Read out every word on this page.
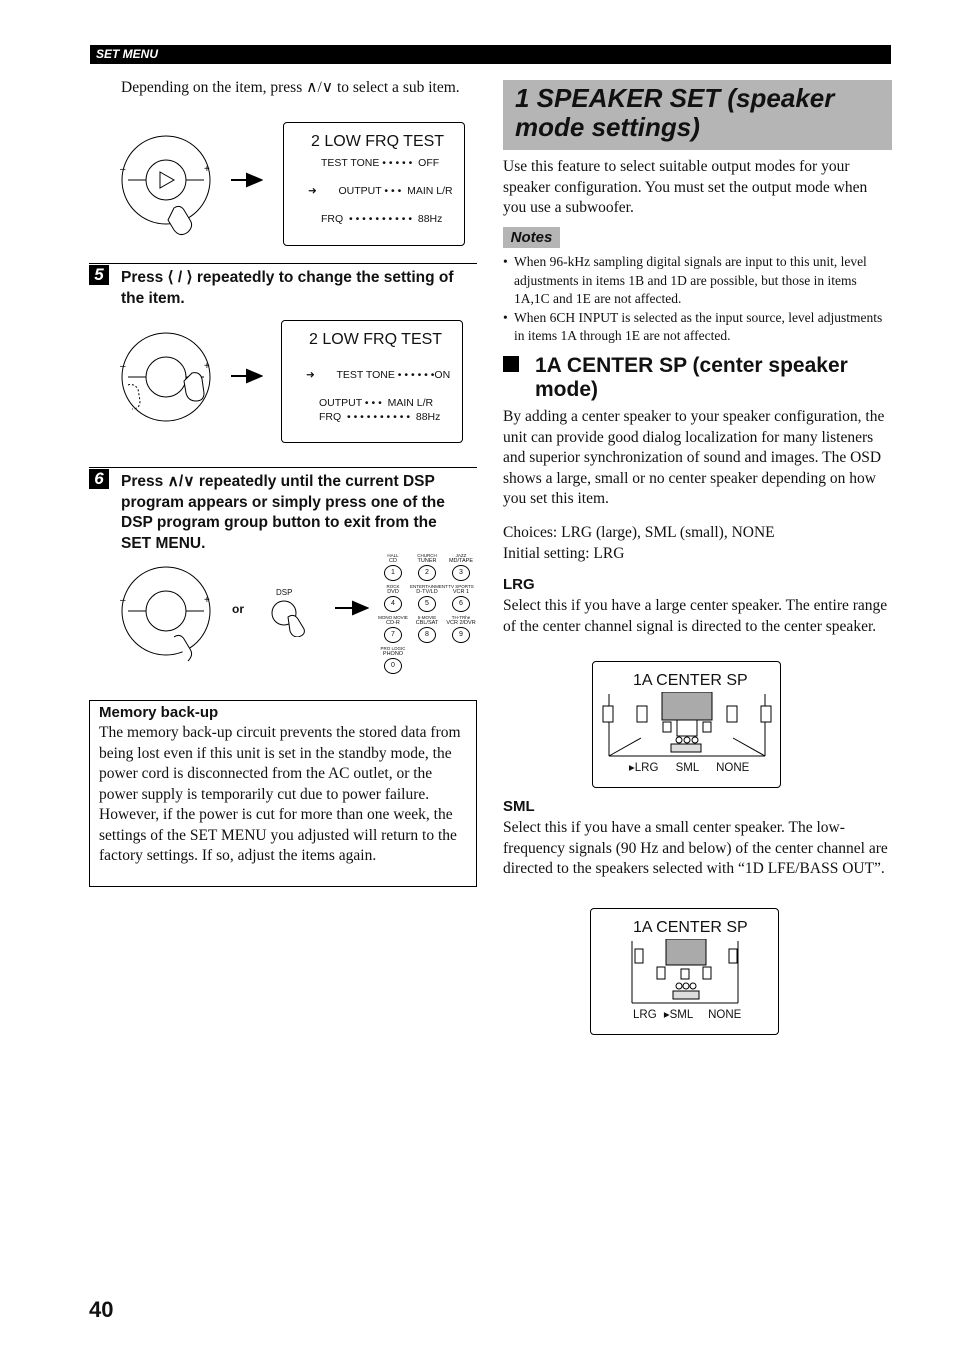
SET MENU
Depending on the item, press ∧/∨ to select a sub item.
–	+
2 LOW FRQ TEST
TEST TONE • • • • •  OFF

➜ OUTPUT • • •  MAIN L/R

FRQ  • • • • • • • • • •  88Hz
5	Press ⟨ / ⟩ repeatedly to change the setting of the item.
–	+
2 LOW FRQ TEST

➜ TEST TONE • • • • • •ON

OUTPUT • • •  MAIN L/R
FRQ  • • • • • • • • • •  88Hz
6	Press ∧/∨ repeatedly until the current DSP program appears or simply press one of the DSP program group button to exit from the SET MENU.
–	+
or
DSP
HALL
CD
1
CHURCH
TUNER
2
JAZZ
MD/TAPE
3
ROCK
DVD
4
ENTERTAINMENT
D-TV/LD
5
TV SPORTS
VCR 1
6
MONO MOVIE
CD-R
7
5-MOVIE
CBL/SAT
8
TH-TRhe
VCR 2/DVR
9
PRO LOGIC
PHONO
0
Memory back-up
The memory back-up circuit prevents the stored data from being lost even if this unit is set in the standby mode, the power cord is disconnected from the AC outlet, or the power supply is temporarily cut due to power failure. However, if the power is cut for more than one week, the settings of the SET MENU you adjusted will return to the factory settings. If so, adjust the items again.
1 SPEAKER SET (speaker mode settings)
Use this feature to select suitable output modes for your speaker configuration. You must set the output mode when you use a subwoofer.
Notes
• When 96-kHz sampling digital signals are input to this unit, level adjustments in items 1B and 1D are possible, but those in items 1A,1C and 1E are not affected.
• When 6CH INPUT is selected as the input source, level adjustments in items 1A through 1E are not affected.
1A CENTER SP (center speaker mode)
By adding a center speaker to your speaker configuration, the unit can provide good dialog localization for many listeners and superior synchronization of sound and images. The OSD shows a large, small or no center speaker depending on how you set this item.
Choices: LRG (large), SML (small), NONE
Initial setting: LRG
LRG
Select this if you have a large center speaker. The entire range of the center channel signal is directed to the center speaker.
1A CENTER SP
▸LRG SML NONE
SML
Select this if you have a small center speaker. The low-frequency signals (90 Hz and below) of the center channel are directed to the speakers selected with “1D LFE/BASS OUT”.
1A CENTER SP
LRG ▸SML NONE
40
